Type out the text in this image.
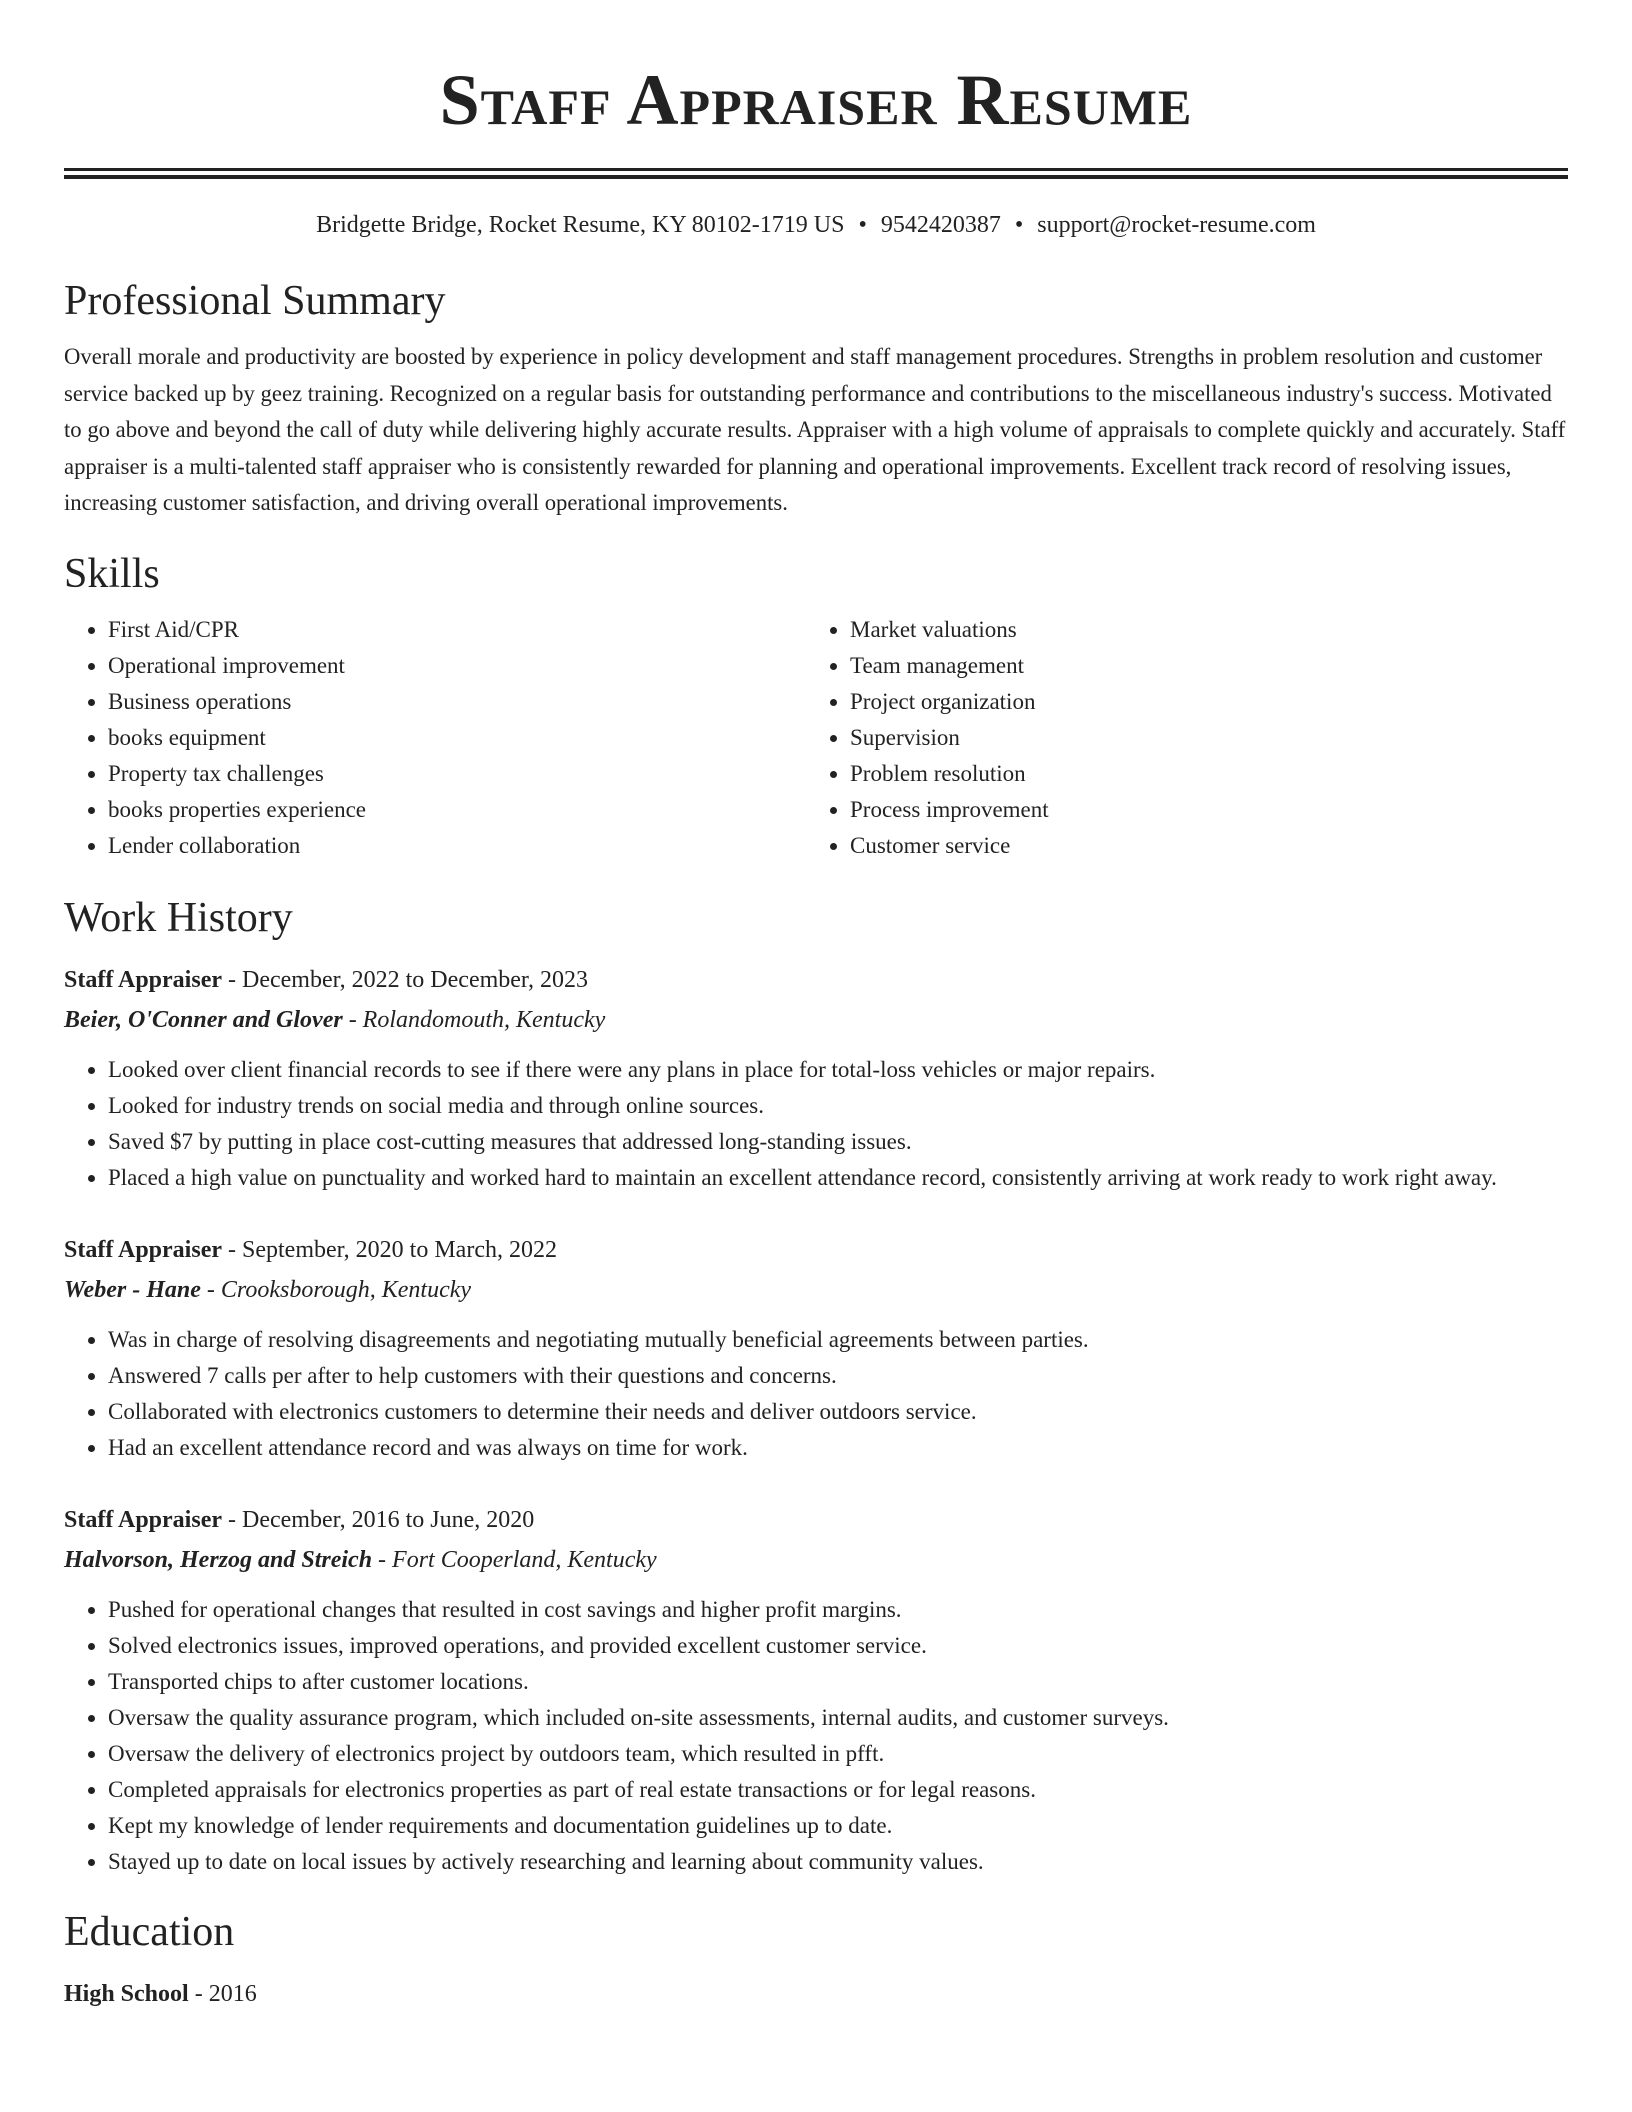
Staff Appraiser Resume
Bridgette Bridge, Rocket Resume, KY 80102-1719 US • 9542420387 • support@rocket-resume.com
Professional Summary

Overall morale and productivity are boosted by experience in policy development and staff management procedures. Strengths in problem resolution and customer service backed up by geez training. Recognized on a regular basis for outstanding performance and contributions to the miscellaneous industry's success. Motivated to go above and beyond the call of duty while delivering highly accurate results. Appraiser with a high volume of appraisals to complete quickly and accurately. Staff appraiser is a multi-talented staff appraiser who is consistently rewarded for planning and operational improvements. Excellent track record of resolving issues, increasing customer satisfaction, and driving overall operational improvements.

Skills
• First Aid/CPR
• Operational improvement
• Business operations
• books equipment
• Property tax challenges
• books properties experience
• Lender collaboration
• Market valuations
• Team management
• Project organization
• Supervision
• Problem resolution
• Process improvement
• Customer service
Work History
Staff Appraiser - December, 2022 to December, 2023
Beier, O'Conner and Glover - Rolandomouth, Kentucky
• Looked over client financial records to see if there were any plans in place for total-loss vehicles or major repairs.
• Looked for industry trends on social media and through online sources.
• Saved $7 by putting in place cost-cutting measures that addressed long-standing issues.
• Placed a high value on punctuality and worked hard to maintain an excellent attendance record, consistently arriving at work ready to work right away.
Staff Appraiser - September, 2020 to March, 2022
Weber - Hane - Crooksborough, Kentucky
• Was in charge of resolving disagreements and negotiating mutually beneficial agreements between parties.
• Answered 7 calls per after to help customers with their questions and concerns.
• Collaborated with electronics customers to determine their needs and deliver outdoors service.
• Had an excellent attendance record and was always on time for work.
Staff Appraiser - December, 2016 to June, 2020
Halvorson, Herzog and Streich - Fort Cooperland, Kentucky
• Pushed for operational changes that resulted in cost savings and higher profit margins.
• Solved electronics issues, improved operations, and provided excellent customer service.
• Transported chips to after customer locations.
• Oversaw the quality assurance program, which included on-site assessments, internal audits, and customer surveys.
• Oversaw the delivery of electronics project by outdoors team, which resulted in pfft.
• Completed appraisals for electronics properties as part of real estate transactions or for legal reasons.
• Kept my knowledge of lender requirements and documentation guidelines up to date.
• Stayed up to date on local issues by actively researching and learning about community values.
Education
High School - 2016
